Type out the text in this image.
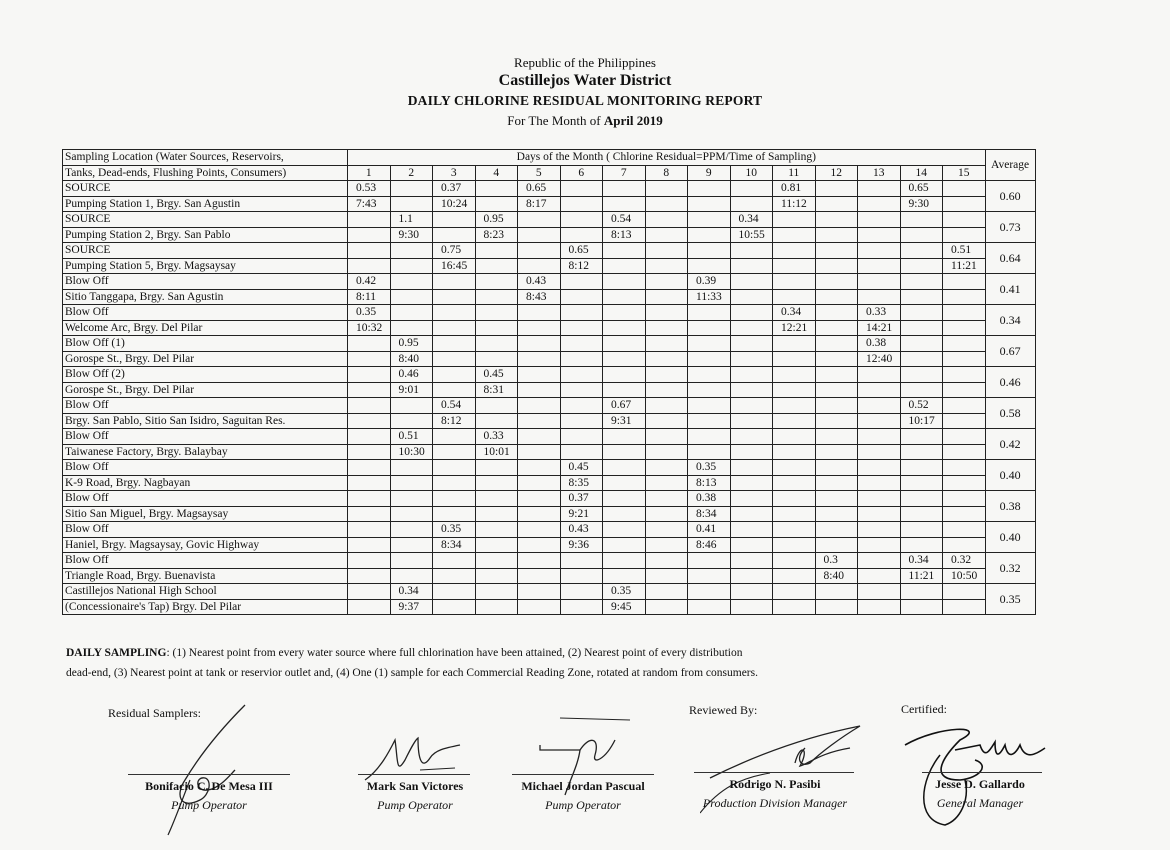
Republic of the Philippines
Castillejos Water District
DAILY CHLORINE RESIDUAL MONITORING REPORT
For The Month of April 2019
Sampling Location (Water Sources, Reservoirs,	Days of the Month ( Chlorine Residual=PPM/Time of Sampling)															Average
Tanks, Dead-ends, Flushing Points, Consumers)	1	2	3	4	5	6	7	8	9	10	11	12	13	14	15	
SOURCE	0.53		0.37		0.65						0.81			0.65		0.60
Pumping Station 1, Brgy. San Agustin	7:43		10:24		8:17						11:12			9:30		
SOURCE		1.1		0.95			0.54			0.34						0.73
Pumping Station 2, Brgy. San Pablo		9:30		8:23			8:13			10:55						
SOURCE			0.75			0.65									0.51	0.64
Pumping Station 5, Brgy. Magsaysay			16:45			8:12									11:21	
Blow Off	0.42				0.43				0.39							0.41
Sitio Tanggapa, Brgy. San Agustin	8:11				8:43				11:33							
Blow Off	0.35										0.34		0.33			0.34
Welcome Arc, Brgy. Del Pilar	10:32										12:21		14:21			
Blow Off (1)		0.95											0.38			0.67
Gorospe St., Brgy. Del Pilar		8:40											12:40			
Blow Off (2)		0.46		0.45												0.46
Gorospe St., Brgy. Del Pilar		9:01		8:31												
Blow Off			0.54				0.67							0.52		0.58
Brgy. San Pablo, Sitio San Isidro, Saguitan Res.			8:12				9:31							10:17		
Blow Off		0.51		0.33												0.42
Taiwanese Factory, Brgy. Balaybay		10:30		10:01												
Blow Off						0.45			0.35							0.40
K-9 Road, Brgy. Nagbayan						8:35			8:13							
Blow Off						0.37			0.38							0.38
Sitio San Miguel, Brgy. Magsaysay						9:21			8:34							
Blow Off			0.35			0.43			0.41							0.40
Haniel, Brgy. Magsaysay, Govic Highway			8:34			9:36			8:46							
Blow Off												0.3		0.34	0.32	0.32
Triangle Road, Brgy. Buenavista												8:40		11:21	10:50	
Castillejos National High School		0.34					0.35									0.35
(Concessionaire's Tap) Brgy. Del Pilar		9:37					9:45									
DAILY SAMPLING: (1) Nearest point from every water source where full chlorination have been attained, (2) Nearest point of every distribution
dead-end, (3) Nearest point at tank or reservior outlet and, (4) One (1) sample for each Commercial Reading Zone, rotated at random from consumers.
Residual Samplers:	Reviewed By:	Certified:
Bonifacio C. De Mesa III
Pump Operator
Mark San Victores
Pump Operator
Michael Jordan Pascual
Pump Operator
Rodrigo N. Pasibi
Production Division Manager
Jesse D. Gallardo
General Manager
